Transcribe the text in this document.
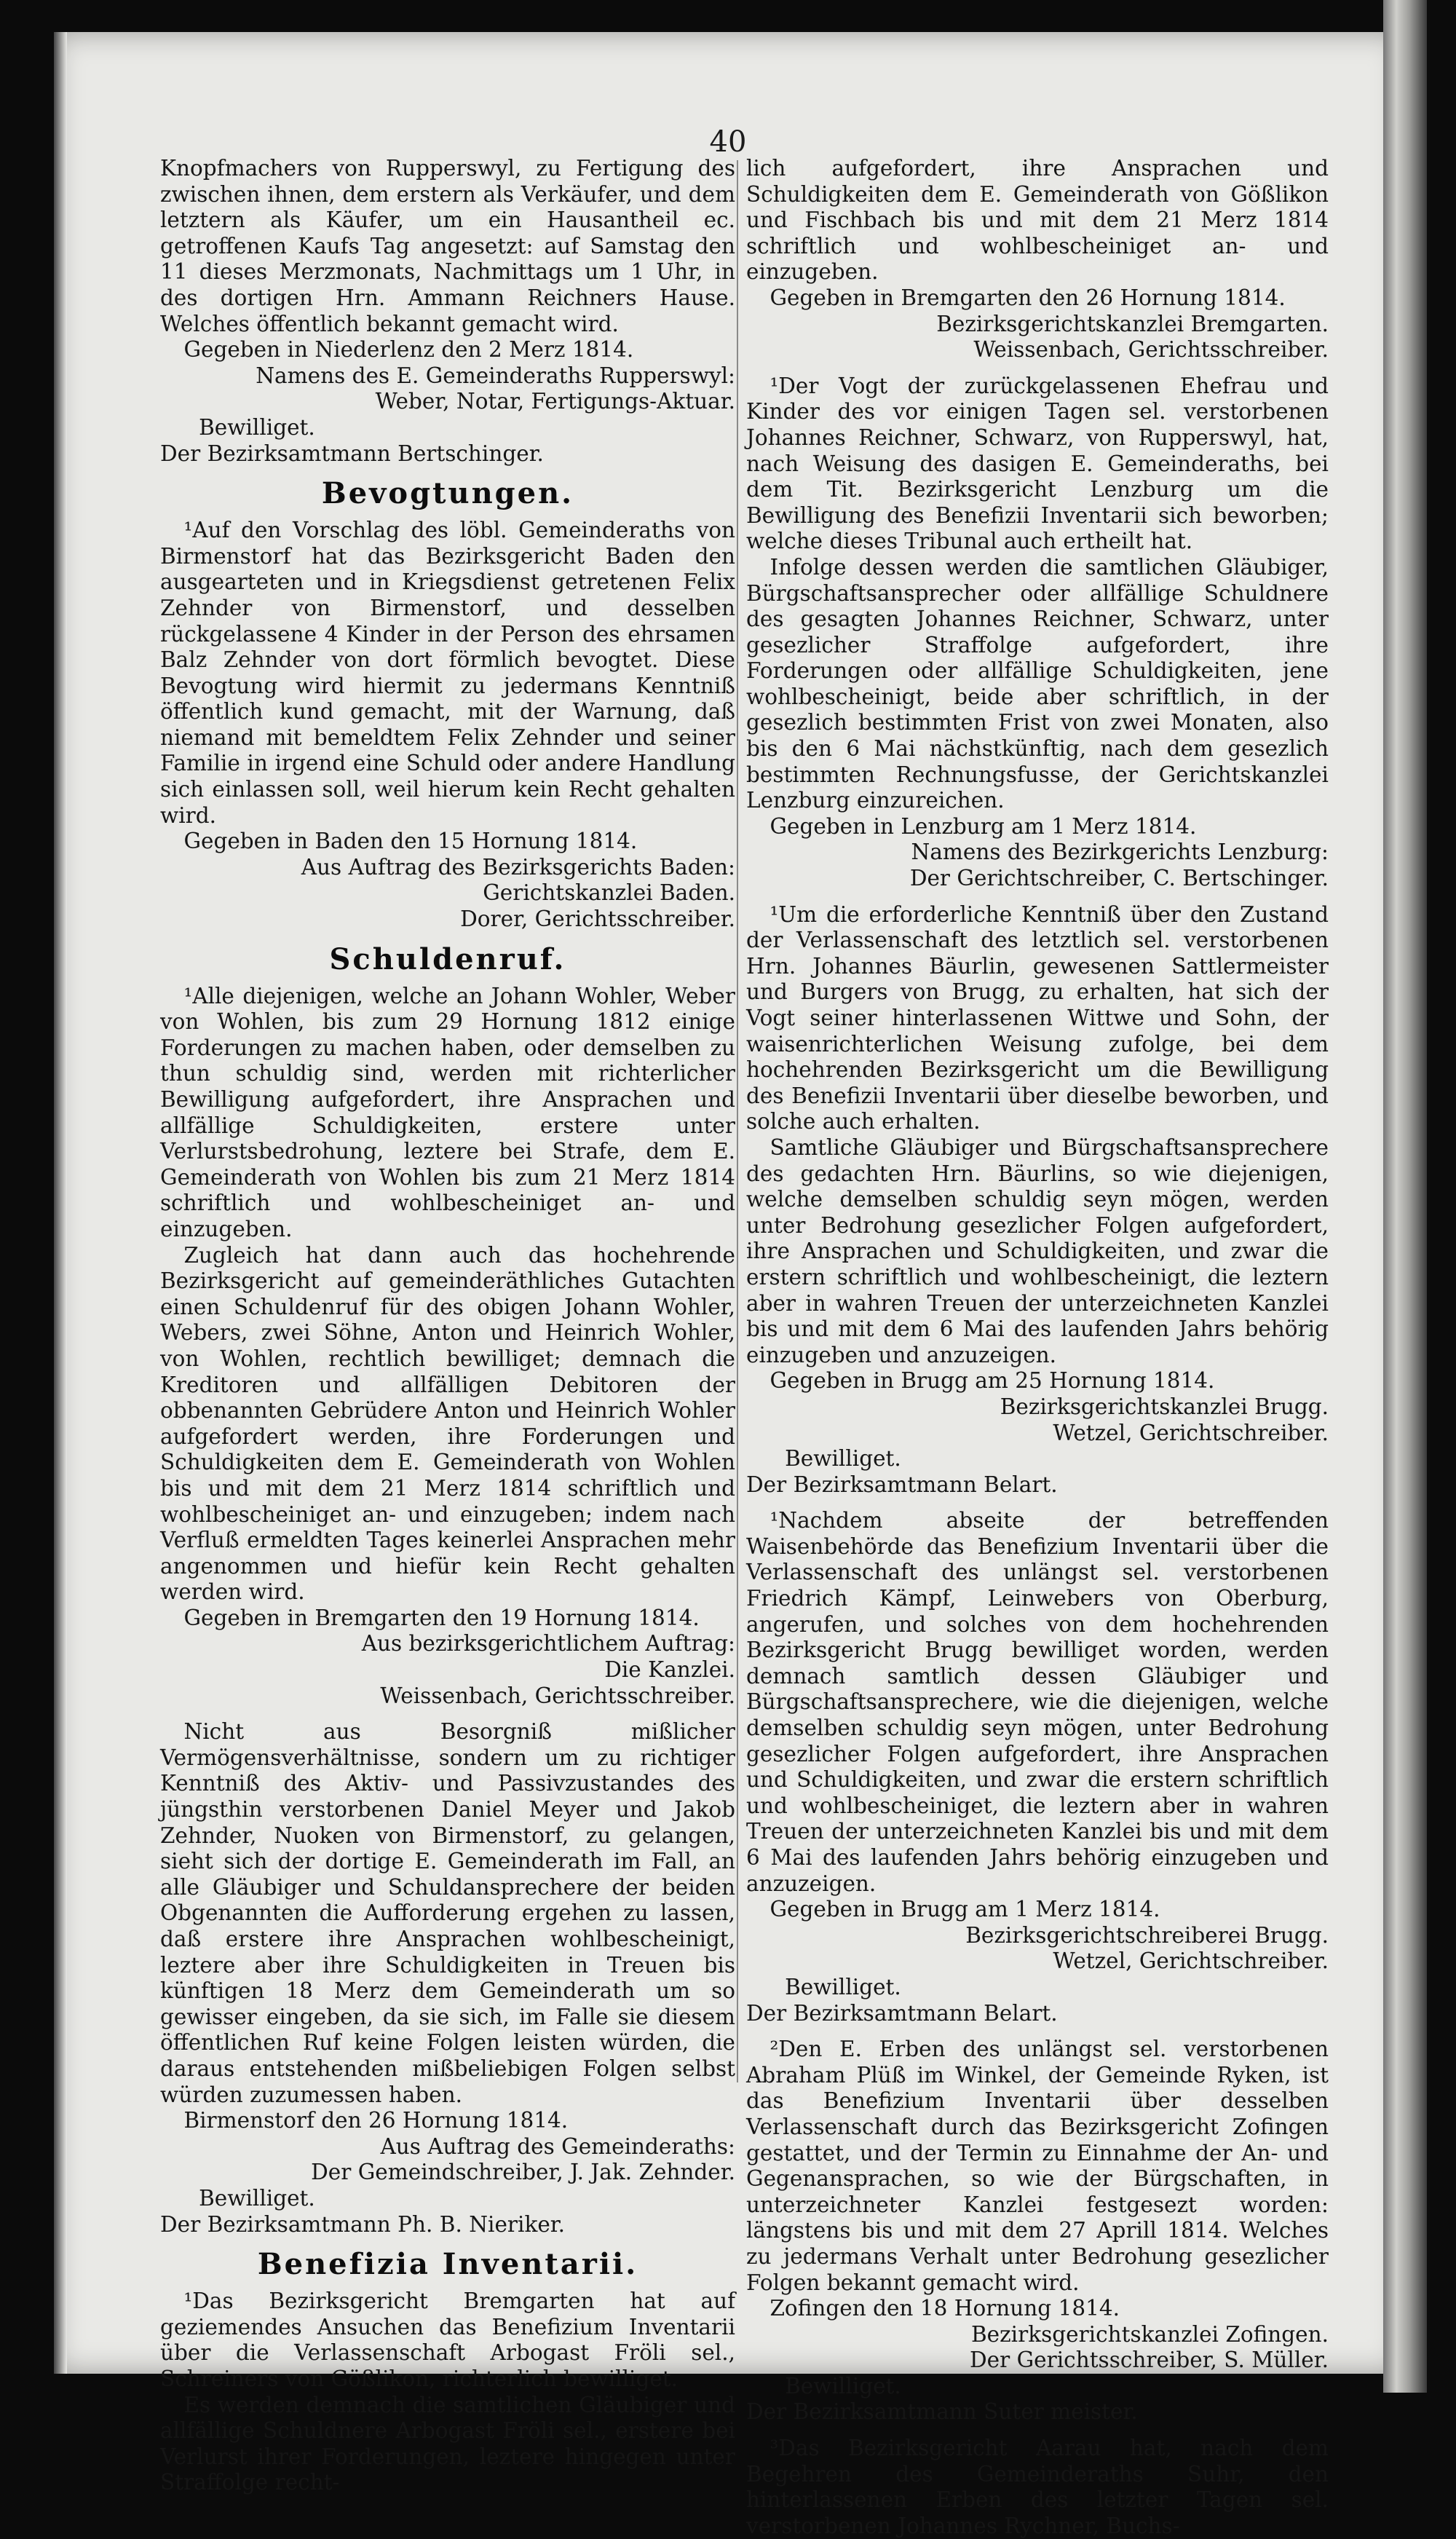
40

Knopfmachers von Rupperswyl, zu Fertigung des zwischen ihnen, dem erstern als Verkäufer, und dem letztern als Käufer, um ein Hausantheil ec. getroffenen Kaufs Tag angesetzt: auf Samstag den 11 dieses Merzmonats, Nachmittags um 1 Uhr, in des dortigen Hrn. Ammann Reichners Hause. Welches öffentlich bekannt gemacht wird.

Gegeben in Niederlenz den 2 Merz 1814.

Namens des E. Gemeinderaths Rupperswyl:

Weber, Notar, Fertigungs-Aktuar.

Bewilliget.

Der Bezirksamtmann Bertschinger.

Bevogtungen.

¹Auf den Vorschlag des löbl. Gemeinderaths von Birmenstorf hat das Bezirksgericht Baden den ausgearteten und in Kriegsdienst getretenen Felix Zehnder von Birmenstorf, und desselben rückgelassene 4 Kinder in der Person des ehrsamen Balz Zehnder von dort förmlich bevogtet. Diese Bevogtung wird hiermit zu jedermans Kenntniß öffentlich kund gemacht, mit der Warnung, daß niemand mit bemeldtem Felix Zehnder und seiner Familie in irgend eine Schuld oder andere Handlung sich einlassen soll, weil hierum kein Recht gehalten wird.

Gegeben in Baden den 15 Hornung 1814.

Aus Auftrag des Bezirksgerichts Baden:

Gerichtskanzlei Baden.

Dorer, Gerichtsschreiber.

Schuldenruf.

¹Alle diejenigen, welche an Johann Wohler, Weber von Wohlen, bis zum 29 Hornung 1812 einige Forderungen zu machen haben, oder demselben zu thun schuldig sind, werden mit richterlicher Bewilligung aufgefordert, ihre Ansprachen und allfällige Schuldigkeiten, erstere unter Verlurstsbedrohung, leztere bei Strafe, dem E. Gemeinderath von Wohlen bis zum 21 Merz 1814 schriftlich und wohlbescheiniget an- und einzugeben.

Zugleich hat dann auch das hochehrende Bezirksgericht auf gemeinderäthliches Gutachten einen Schuldenruf für des obigen Johann Wohler, Webers, zwei Söhne, Anton und Heinrich Wohler, von Wohlen, rechtlich bewilliget; demnach die Kreditoren und allfälligen Debitoren der obbenannten Gebrüdere Anton und Heinrich Wohler aufgefordert werden, ihre Forderungen und Schuldigkeiten dem E. Gemeinderath von Wohlen bis und mit dem 21 Merz 1814 schriftlich und wohlbescheiniget an- und einzugeben; indem nach Verfluß ermeldten Tages keinerlei Ansprachen mehr angenommen und hiefür kein Recht gehalten werden wird.

Gegeben in Bremgarten den 19 Hornung 1814.

Aus bezirksgerichtlichem Auftrag:

Die Kanzlei.

Weissenbach, Gerichtsschreiber.

Nicht aus Besorgniß mißlicher Vermögensverhältnisse, sondern um zu richtiger Kenntniß des Aktiv- und Passivzustandes des jüngsthin verstorbenen Daniel Meyer und Jakob Zehnder, Nuoken von Birmenstorf, zu gelangen, sieht sich der dortige E. Gemeinderath im Fall, an alle Gläubiger und Schuldansprechere der beiden Obgenannten die Aufforderung ergehen zu lassen, daß erstere ihre Ansprachen wohlbescheinigt, leztere aber ihre Schuldigkeiten in Treuen bis künftigen 18 Merz dem Gemeinderath um so gewisser eingeben, da sie sich, im Falle sie diesem öffentlichen Ruf keine Folgen leisten würden, die daraus entstehenden mißbeliebigen Folgen selbst würden zuzumessen haben.

Birmenstorf den 26 Hornung 1814.

Aus Auftrag des Gemeinderaths:

Der Gemeindschreiber, J. Jak. Zehnder.

Bewilliget.

Der Bezirksamtmann Ph. B. Nieriker.

Benefizia Inventarii.

¹Das Bezirksgericht Bremgarten hat auf geziemendes Ansuchen das Benefizium Inventarii über die Verlassenschaft Arbogast Fröli sel., Schreiners von Gößlikon, richterlich bewilliget.

Es werden demnach die samtlichen Gläubiger und allfällige Schuldnere Arbogast Fröli sel., erstere bei Verlurst ihrer Forderungen, leztere hingegen unter Straffolge recht-

lich aufgefordert, ihre Ansprachen und Schuldigkeiten dem E. Gemeinderath von Gößlikon und Fischbach bis und mit dem 21 Merz 1814 schriftlich und wohlbescheiniget an- und einzugeben.

Gegeben in Bremgarten den 26 Hornung 1814.

Bezirksgerichtskanzlei Bremgarten.

Weissenbach, Gerichtsschreiber.

¹Der Vogt der zurückgelassenen Ehefrau und Kinder des vor einigen Tagen sel. verstorbenen Johannes Reichner, Schwarz, von Rupperswyl, hat, nach Weisung des dasigen E. Gemeinderaths, bei dem Tit. Bezirksgericht Lenzburg um die Bewilligung des Benefizii Inventarii sich beworben; welche dieses Tribunal auch ertheilt hat.

Infolge dessen werden die samtlichen Gläubiger, Bürgschaftsansprecher oder allfällige Schuldnere des gesagten Johannes Reichner, Schwarz, unter gesezlicher Straffolge aufgefordert, ihre Forderungen oder allfällige Schuldigkeiten, jene wohlbescheinigt, beide aber schriftlich, in der gesezlich bestimmten Frist von zwei Monaten, also bis den 6 Mai nächstkünftig, nach dem gesezlich bestimmten Rechnungsfusse, der Gerichtskanzlei Lenzburg einzureichen.

Gegeben in Lenzburg am 1 Merz 1814.

Namens des Bezirkgerichts Lenzburg:

Der Gerichtschreiber, C. Bertschinger.

¹Um die erforderliche Kenntniß über den Zustand der Verlassenschaft des letztlich sel. verstorbenen Hrn. Johannes Bäurlin, gewesenen Sattlermeister und Burgers von Brugg, zu erhalten, hat sich der Vogt seiner hinterlassenen Wittwe und Sohn, der waisenrichterlichen Weisung zufolge, bei dem hochehrenden Bezirksgericht um die Bewilligung des Benefizii Inventarii über dieselbe beworben, und solche auch erhalten.

Samtliche Gläubiger und Bürgschaftsansprechere des gedachten Hrn. Bäurlins, so wie diejenigen, welche demselben schuldig seyn mögen, werden unter Bedrohung gesezlicher Folgen aufgefordert, ihre Ansprachen und Schuldigkeiten, und zwar die erstern schriftlich und wohlbescheinigt, die leztern aber in wahren Treuen der unterzeichneten Kanzlei bis und mit dem 6 Mai des laufenden Jahrs behörig einzugeben und anzuzeigen.

Gegeben in Brugg am 25 Hornung 1814.

Bezirksgerichtskanzlei Brugg.

Wetzel, Gerichtschreiber.

Bewilliget.

Der Bezirksamtmann Belart.

¹Nachdem abseite der betreffenden Waisenbehörde das Benefizium Inventarii über die Verlassenschaft des unlängst sel. verstorbenen Friedrich Kämpf, Leinwebers von Oberburg, angerufen, und solches von dem hochehrenden Bezirksgericht Brugg bewilliget worden, werden demnach samtlich dessen Gläubiger und Bürgschaftsansprechere, wie die diejenigen, welche demselben schuldig seyn mögen, unter Bedrohung gesezlicher Folgen aufgefordert, ihre Ansprachen und Schuldigkeiten, und zwar die erstern schriftlich und wohlbescheiniget, die leztern aber in wahren Treuen der unterzeichneten Kanzlei bis und mit dem 6 Mai des laufenden Jahrs behörig einzugeben und anzuzeigen.

Gegeben in Brugg am 1 Merz 1814.

Bezirksgerichtschreiberei Brugg.

Wetzel, Gerichtschreiber.

Bewilliget.

Der Bezirksamtmann Belart.

²Den E. Erben des unlängst sel. verstorbenen Abraham Plüß im Winkel, der Gemeinde Ryken, ist das Benefizium Inventarii über desselben Verlassenschaft durch das Bezirksgericht Zofingen gestattet, und der Termin zu Einnahme der An- und Gegenansprachen, so wie der Bürgschaften, in unterzeichneter Kanzlei festgesezt worden: längstens bis und mit dem 27 Aprill 1814. Welches zu jedermans Verhalt unter Bedrohung gesezlicher Folgen bekannt gemacht wird.

Zofingen den 18 Hornung 1814.

Bezirksgerichtskanzlei Zofingen.

Der Gerichtsschreiber, S. Müller.

Bewilliget.

Der Bezirksamtmann Suter meister.

³Das Bezirksgericht Aarau hat, nach dem Begehren des Gemeinderaths Suhr, den hinterlassenen Erben des letzter Tagen sel. verstorbenen Johannes Rychner, Buchs-
